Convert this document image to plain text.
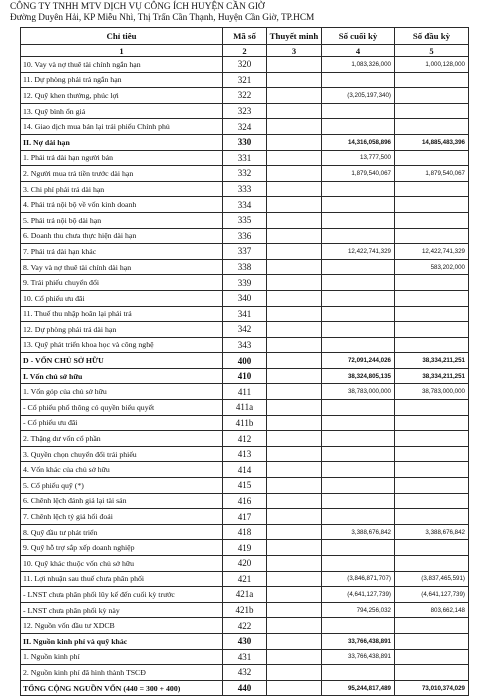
CÔNG TY TNHH MTV DỊCH VỤ CÔNG ÍCH HUYỆN CẦN GIỜ
Đường Duyên Hải, KP Miễu Nhì, Thị Trấn Cần Thạnh, Huyện Cần Giờ, TP.HCM
Chỉ tiêu	Mã số	Thuyết minh	Số cuối kỳ	Số đầu kỳ
1	2	3	4	5
10. Vay và nợ thuê tài chính ngắn hạn	320		1,083,326,000	1,000,128,000
11. Dự phòng phải trả ngắn hạn	321			
12. Quỹ khen thưởng, phúc lợi	322		(3,205,197,340)	
13. Quỹ bình ổn giá	323			
14. Giao dịch mua bán lại trái phiếu Chính phủ	324			
II. Nợ dài hạn	330		14,316,058,896	14,885,483,396
1. Phải trả dài hạn người bán	331		13,777,500	
2. Người mua trả tiền trước dài hạn	332		1,879,540,067	1,879,540,067
3. Chi phí phải trả dài hạn	333			
4. Phải trả nội bộ về vốn kinh doanh	334			
5. Phải trả nội bộ dài hạn	335			
6. Doanh thu chưa thực hiện dài hạn	336			
7. Phải trả dài hạn khác	337		12,422,741,329	12,422,741,329
8. Vay và nợ thuê tài chính dài hạn	338			583,202,000
9. Trái phiếu chuyển đổi	339			
10. Cổ phiếu ưu đãi	340			
11. Thuế thu nhập hoãn lại phải trả	341			
12. Dự phòng phải trả dài hạn	342			
13. Quỹ phát triển khoa học và công nghệ	343			
D - VỐN CHỦ SỞ HỮU	400		72,091,244,026	38,334,211,251
I. Vốn chủ sở hữu	410		38,324,805,135	38,334,211,251
1. Vốn góp của chủ sở hữu	411		38,783,000,000	38,783,000,000
- Cổ phiếu phổ thông có quyền biểu quyết	411a			
- Cổ phiếu ưu đãi	411b			
2. Thặng dư vốn cổ phần	412			
3. Quyền chọn chuyển đổi trái phiếu	413			
4. Vốn khác của chủ sở hữu	414			
5. Cổ phiếu quỹ (*)	415			
6. Chênh lệch đánh giá lại tài sản	416			
7. Chênh lệch tỷ giá hối đoái	417			
8. Quỹ đầu tư phát triển	418		3,388,676,842	3,388,676,842
9. Quỹ hỗ trợ sắp xếp doanh nghiệp	419			
10. Quỹ khác thuộc vốn chủ sở hữu	420			
11. Lợi nhuận sau thuế chưa phân phối	421		(3,846,871,707)	(3,837,465,591)
- LNST chưa phân phối lũy kế đến cuối kỳ trước	421a		(4,641,127,739)	(4,641,127,739)
- LNST chưa phân phối kỳ này	421b		794,256,032	803,662,148
12. Nguồn vốn đầu tư XDCB	422			
II. Nguồn kinh phí và quỹ khác	430		33,766,438,891	
1. Nguồn kinh phí	431		33,766,438,891	
2. Nguồn kinh phí đã hình thành TSCĐ	432			
TỔNG CỘNG NGUỒN VỐN (440 = 300 + 400)	440		95,244,817,489	73,010,374,029
